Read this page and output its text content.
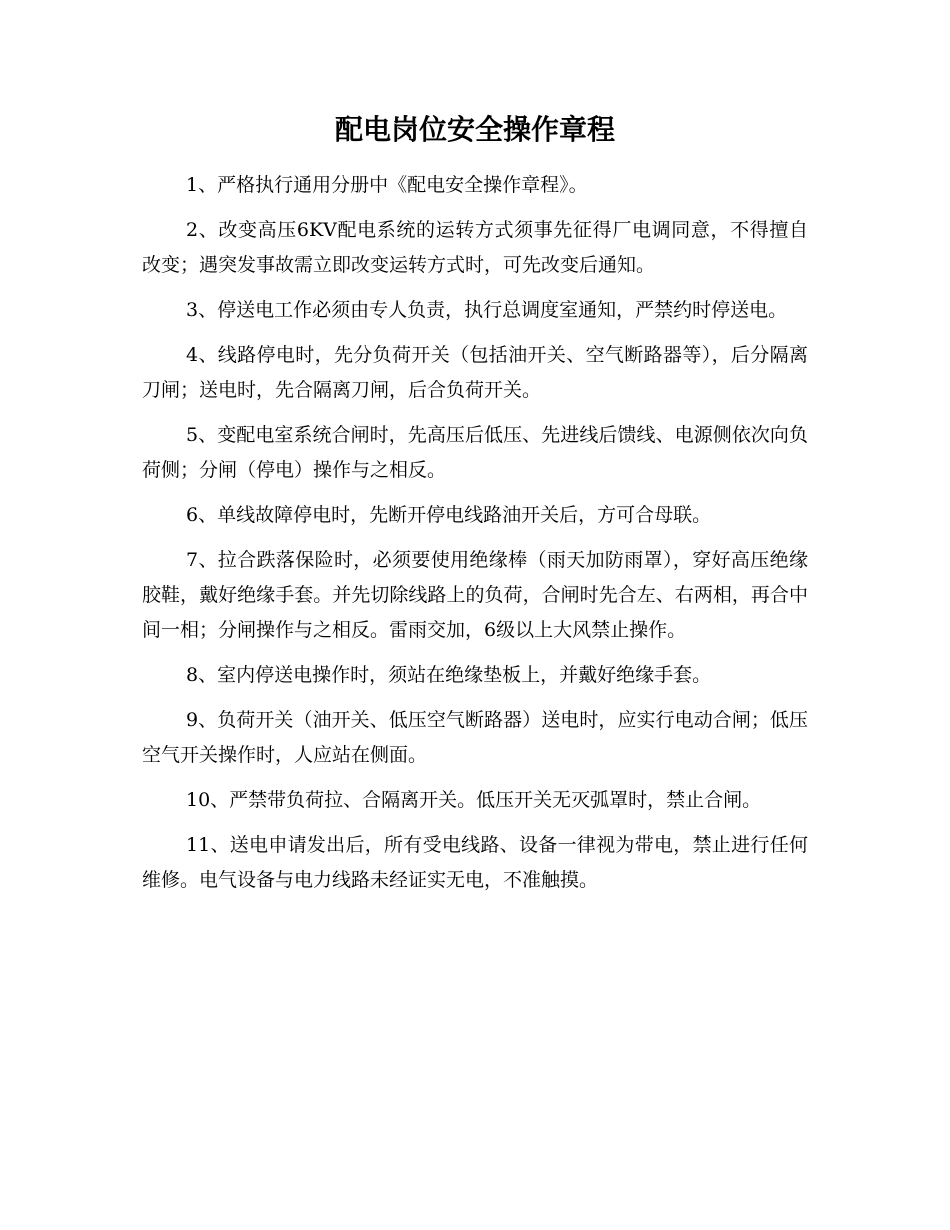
配电岗位安全操作章程

1、严格执行通用分册中《配电安全操作章程》。

2、改变高压6KV配电系统的运转方式须事先征得厂电调同意，不得擅自改变；遇突发事故需立即改变运转方式时，可先改变后通知。

3、停送电工作必须由专人负责，执行总调度室通知，严禁约时停送电。

4、线路停电时，先分负荷开关（包括油开关、空气断路器等），后分隔离刀闸；送电时，先合隔离刀闸，后合负荷开关。

5、变配电室系统合闸时，先高压后低压、先进线后馈线、电源侧依次向负荷侧；分闸（停电）操作与之相反。

6、单线故障停电时，先断开停电线路油开关后，方可合母联。

7、拉合跌落保险时，必须要使用绝缘棒（雨天加防雨罩），穿好高压绝缘胶鞋，戴好绝缘手套。并先切除线路上的负荷，合闸时先合左、右两相，再合中间一相；分闸操作与之相反。雷雨交加，6级以上大风禁止操作。

8、室内停送电操作时，须站在绝缘垫板上，并戴好绝缘手套。

9、负荷开关（油开关、低压空气断路器）送电时，应实行电动合闸；低压空气开关操作时，人应站在侧面。

10、严禁带负荷拉、合隔离开关。低压开关无灭弧罩时，禁止合闸。

11、送电申请发出后，所有受电线路、设备一律视为带电，禁止进行任何维修。电气设备与电力线路未经证实无电，不准触摸。
